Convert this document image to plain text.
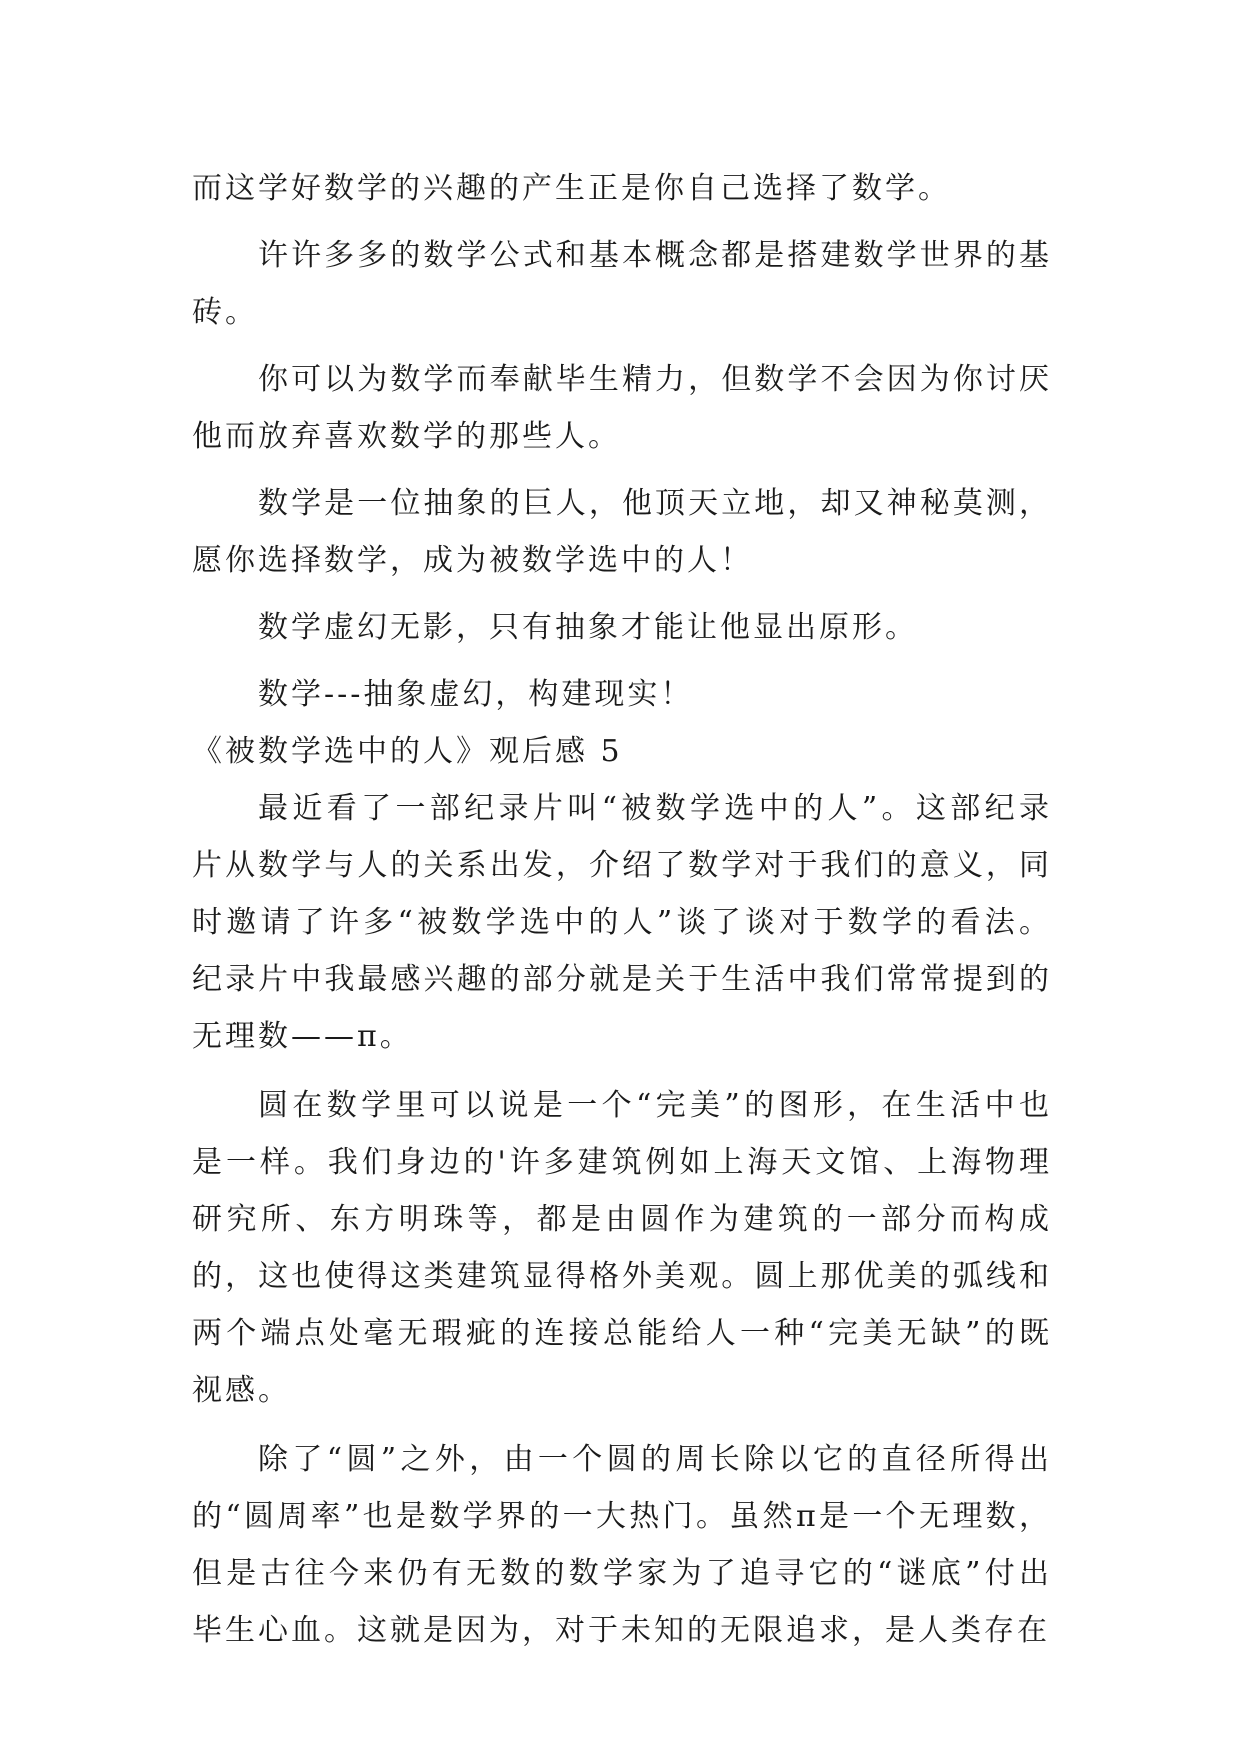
而这学好数学的兴趣的产生正是你自己选择了数学。

许许多多的数学公式和基本概念都是搭建数学世界的基砖。

你可以为数学而奉献毕生精力，但数学不会因为你讨厌他而放弃喜欢数学的那些人。

数学是一位抽象的巨人，他顶天立地，却又神秘莫测，愿你选择数学，成为被数学选中的人！

数学虚幻无影，只有抽象才能让他显出原形。

数学---抽象虚幻，构建现实！

《被数学选中的人》观后感 5

最近看了一部纪录片叫“被数学选中的人”。这部纪录片从数学与人的关系出发，介绍了数学对于我们的意义，同时邀请了许多“被数学选中的人”谈了谈对于数学的看法。纪录片中我最感兴趣的部分就是关于生活中我们常常提到的无理数——π。

圆在数学里可以说是一个“完美”的图形，在生活中也是一样。我们身边的'许多建筑例如上海天文馆、上海物理研究所、东方明珠等，都是由圆作为建筑的一部分而构成的，这也使得这类建筑显得格外美观。圆上那优美的弧线和两个端点处毫无瑕疵的连接总能给人一种“完美无缺”的既视感。

除了“圆”之外，由一个圆的周长除以它的直径所得出的“圆周率”也是数学界的一大热门。虽然π是一个无理数，但是古往今来仍有无数的数学家为了追寻它的“谜底”付出毕生心血。这就是因为，对于未知的无限追求，是人类存在
